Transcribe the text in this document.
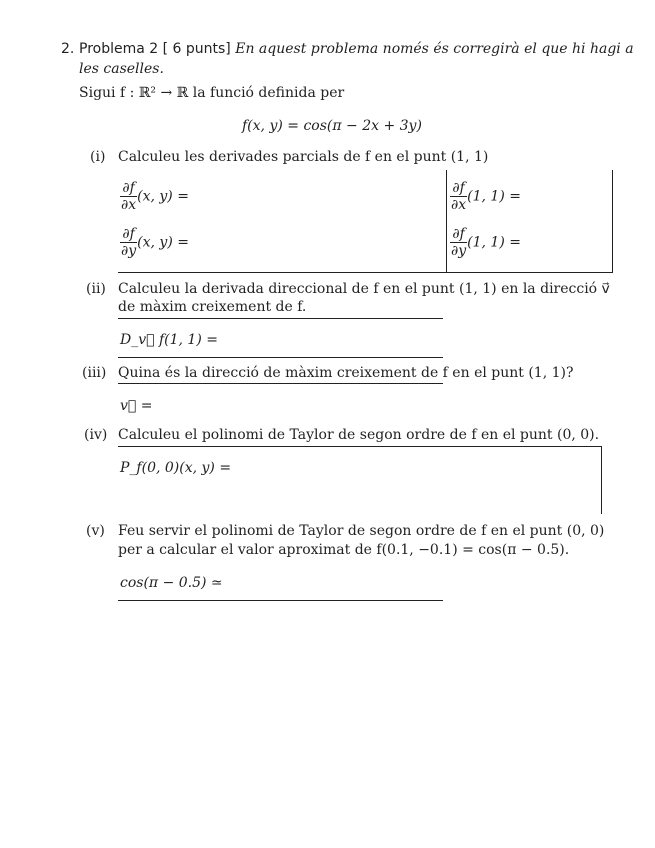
2. Problema 2 [ 6 punts] En aquest problema només és corregirà el que hi hagi a
les caselles.
Sigui f : ℝ² → ℝ la funció definida per
f(x, y) = cos(π − 2x + 3y)
(i) Calculeu les derivades parcials de f en el punt (1, 1)
$\frac{\partial f}{\partial x} (x$, y) =
$\frac{\partial f}{\partial y} (x$, y) =
$\frac{\partial f}{\partial x} (1$, 1) =
$\frac{\partial f}{\partial y} (1$, 1) =
(ii) Calculeu la derivada direccional de f en el punt (1, 1) en la direcció v⃗
de màxim creixement de f.
D_v⃗ f(1, 1) =
(iii) Quina és la direcció de màxim creixement de f en el punt (1, 1)?
v⃗ =
(iv) Calculeu el polinomi de Taylor de segon ordre de f en el punt (0, 0).
P_f(0, 0)(x, y) =
(v) Feu servir el polinomi de Taylor de segon ordre de f en el punt (0, 0)
per a calcular el valor aproximat de f(0.1, −0.1) = cos(π − 0.5).
cos(π − 0.5) ≃
